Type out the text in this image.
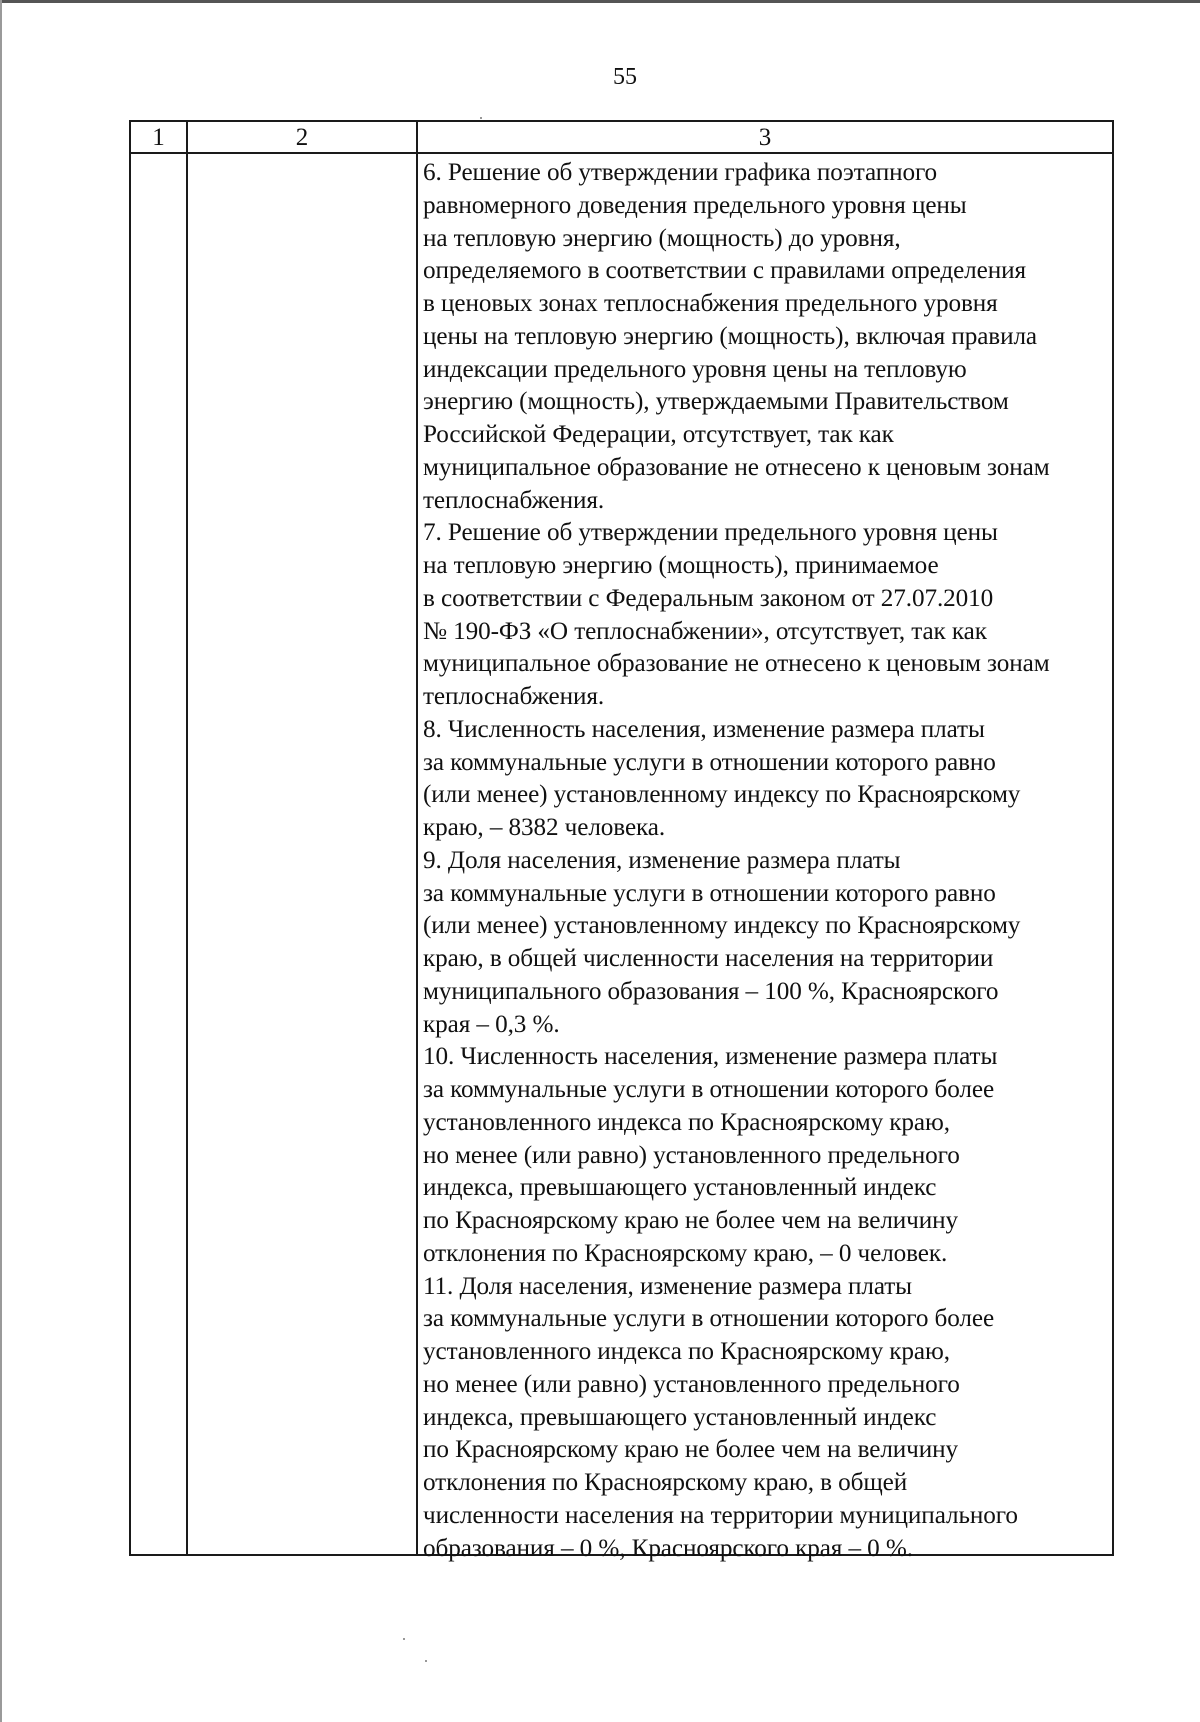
55
1	2	3
6. Решение об утверждении графика поэтапного
равномерного доведения предельного уровня цены
на тепловую энергию (мощность) до уровня,
определяемого в соответствии с правилами определения
в ценовых зонах теплоснабжения предельного уровня
цены на тепловую энергию (мощность), включая правила
индексации предельного уровня цены на тепловую
энергию (мощность), утверждаемыми Правительством
Российской Федерации, отсутствует, так как
муниципальное образование не отнесено к ценовым зонам
теплоснабжения.
7. Решение об утверждении предельного уровня цены
на тепловую энергию (мощность), принимаемое
в соответствии с Федеральным законом от 27.07.2010
№ 190-ФЗ «О теплоснабжении», отсутствует, так как
муниципальное образование не отнесено к ценовым зонам
теплоснабжения.
8. Численность населения, изменение размера платы
за коммунальные услуги в отношении которого равно
(или менее) установленному индексу по Красноярскому
краю, – 8382 человека.
9. Доля населения, изменение размера платы
за коммунальные услуги в отношении которого равно
(или менее) установленному индексу по Красноярскому
краю, в общей численности населения на территории
муниципального образования – 100 %, Красноярского
края – 0,3 %.
10. Численность населения, изменение размера платы
за коммунальные услуги в отношении которого более
установленного индекса по Красноярскому краю,
но менее (или равно) установленного предельного
индекса, превышающего установленный индекс
по Красноярскому краю не более чем на величину
отклонения по Красноярскому краю, – 0 человек.
11. Доля населения, изменение размера платы
за коммунальные услуги в отношении которого более
установленного индекса по Красноярскому краю,
но менее (или равно) установленного предельного
индекса, превышающего установленный индекс
по Красноярскому краю не более чем на величину
отклонения по Красноярскому краю, в общей
численности населения на территории муниципального
образования – 0 %, Красноярского края – 0 %.
